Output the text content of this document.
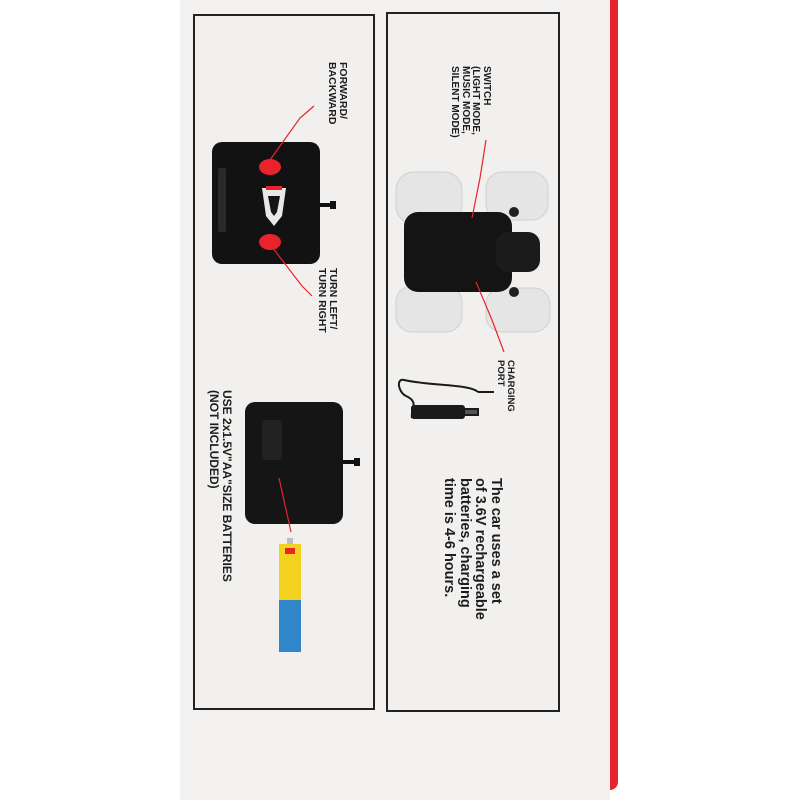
FORWARD/
BACKWARD
TURN LEFT/
TURN RIGHT
USE 2x1.5V"AA"SIZE BATTERIES
(NOT INCLUDED)
SWITCH
(LIGHT MODE,
MUSIC MODE,
SILENT MODE)
CHARGING
PORT
The car uses a set
of 3.6V rechargeable
batteries, charging
time is 4-6 hours.
